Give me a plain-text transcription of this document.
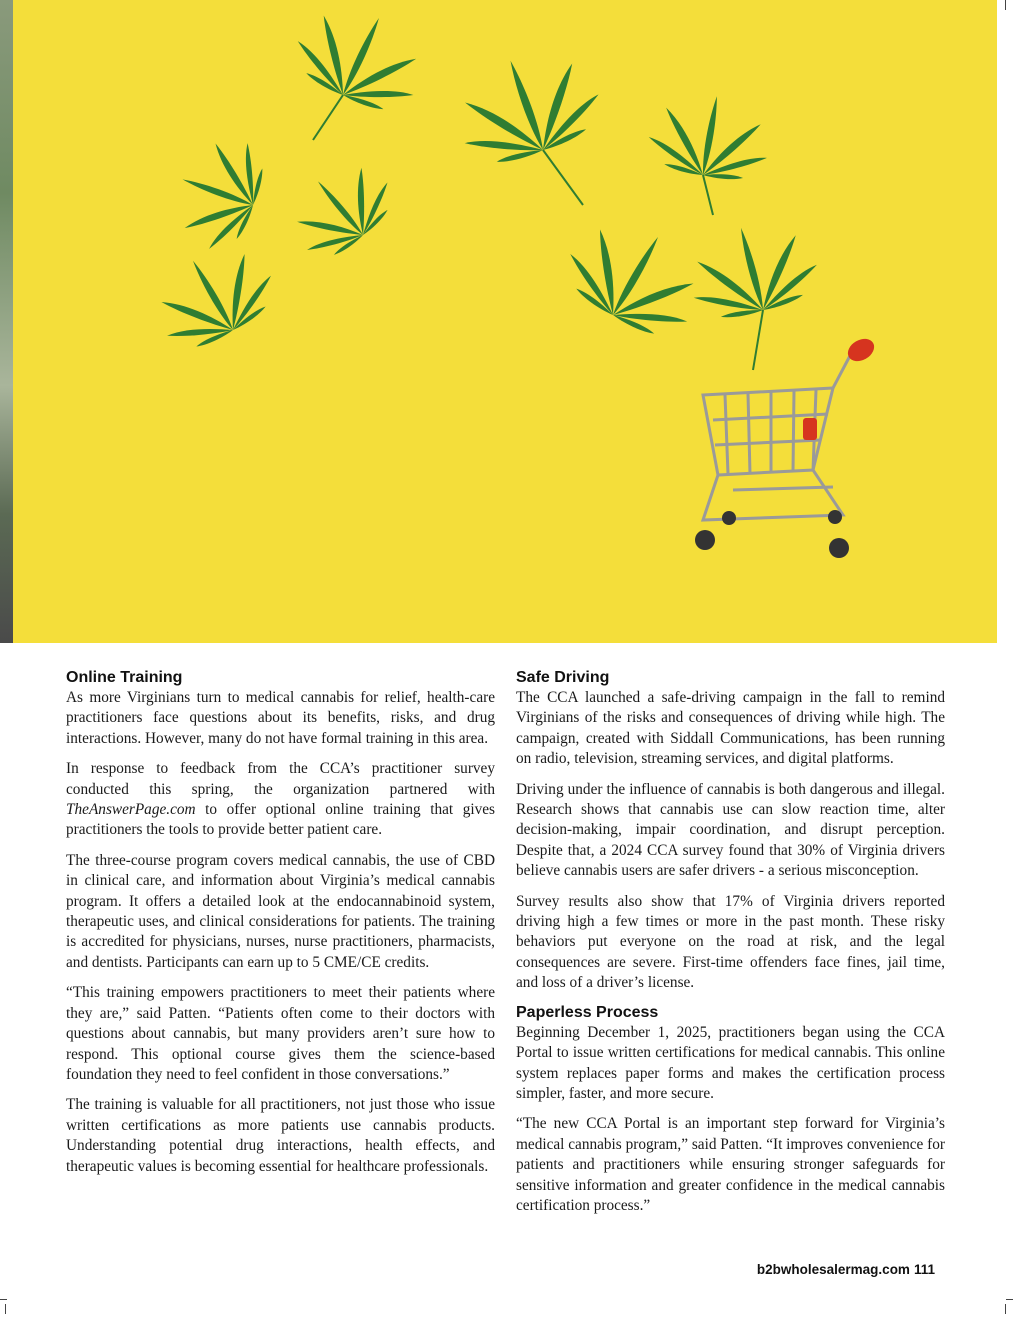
Online Training

As more Virginians turn to medical cannabis for relief, health-care practitioners face questions about its benefits, risks, and drug interactions. However, many do not have formal training in this area.

In response to feedback from the CCA’s practitioner survey conducted this spring, the organization partnered with TheAnswerPage.com to offer optional online training that gives practitioners the tools to provide better patient care.

The three-course program covers medical cannabis, the use of CBD in clinical care, and information about Virginia’s medical cannabis program. It offers a detailed look at the endocannabinoid system, therapeutic uses, and clinical considerations for patients. The training is accredited for physicians, nurses, nurse practitioners, pharmacists, and dentists. Participants can earn up to 5 CME/CE credits.

“This training empowers practitioners to meet their patients where they are,” said Patten. “Patients often come to their doctors with questions about cannabis, but many providers aren’t sure how to respond. This optional course gives them the science-based foundation they need to feel confident in those conversations.”

The training is valuable for all practitioners, not just those who issue written certifications as more patients use cannabis products. Understanding potential drug interactions, health effects, and therapeutic values is becoming essential for healthcare professionals.

Safe Driving

The CCA launched a safe-driving campaign in the fall to remind Virginians of the risks and consequences of driving while high. The campaign, created with Siddall Communications, has been running on radio, television, streaming services, and digital platforms.

Driving under the influence of cannabis is both dangerous and illegal. Research shows that cannabis use can slow reaction time, alter decision-making, impair coordination, and disrupt perception. Despite that, a 2024 CCA survey found that 30% of Virginia drivers believe cannabis users are safer drivers - a serious misconception.

Survey results also show that 17% of Virginia drivers reported driving high a few times or more in the past month. These risky behaviors put everyone on the road at risk, and the legal consequences are severe. First-time offenders face fines, jail time, and loss of a driver’s license.

Paperless Process

Beginning December 1, 2025, practitioners began using the CCA Portal to issue written certifications for medical cannabis. This online system replaces paper forms and makes the certification process simpler, faster, and more secure.

“The new CCA Portal is an important step forward for Virginia’s medical cannabis program,” said Patten. “It improves convenience for patients and practitioners while ensuring stronger safeguards for sensitive information and greater confidence in the medical cannabis certification process.”

b2bwholesalermag.com 111
